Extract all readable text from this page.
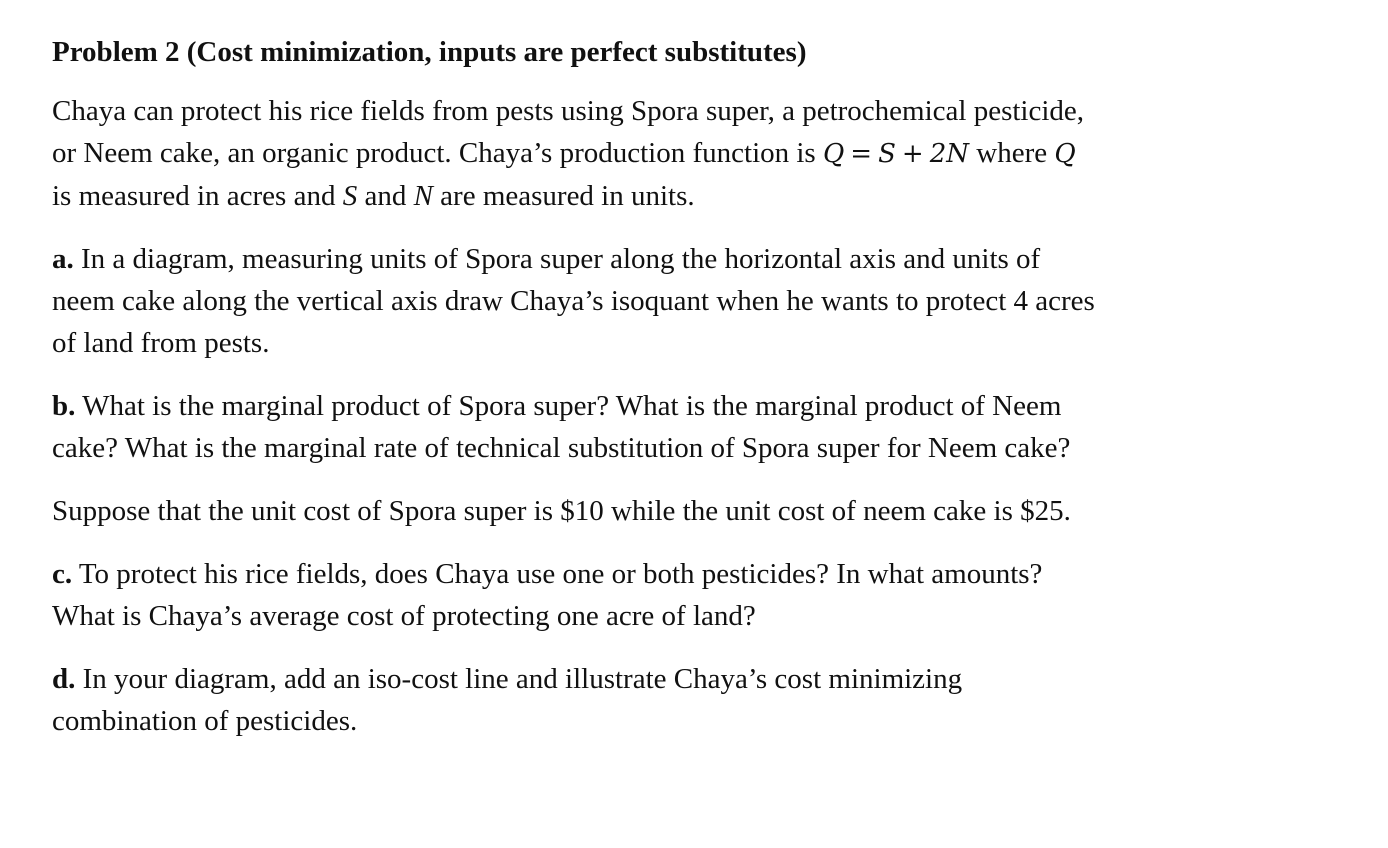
Problem 2 (Cost minimization, inputs are perfect substitutes)
Chaya can protect his rice fields from pests using Spora super, a petrochemical pesticide,
or Neem cake, an organic product. Chaya’s production function is Q = S + 2N where Q
is measured in acres and S and N are measured in units.
a. In a diagram, measuring units of Spora super along the horizontal axis and units of
neem cake along the vertical axis draw Chaya’s isoquant when he wants to protect 4 acres
of land from pests.
b. What is the marginal product of Spora super? What is the marginal product of Neem
cake? What is the marginal rate of technical substitution of Spora super for Neem cake?
Suppose that the unit cost of Spora super is $10 while the unit cost of neem cake is $25.
c. To protect his rice fields, does Chaya use one or both pesticides? In what amounts?
What is Chaya’s average cost of protecting one acre of land?
d. In your diagram, add an iso-cost line and illustrate Chaya’s cost minimizing
combination of pesticides.
